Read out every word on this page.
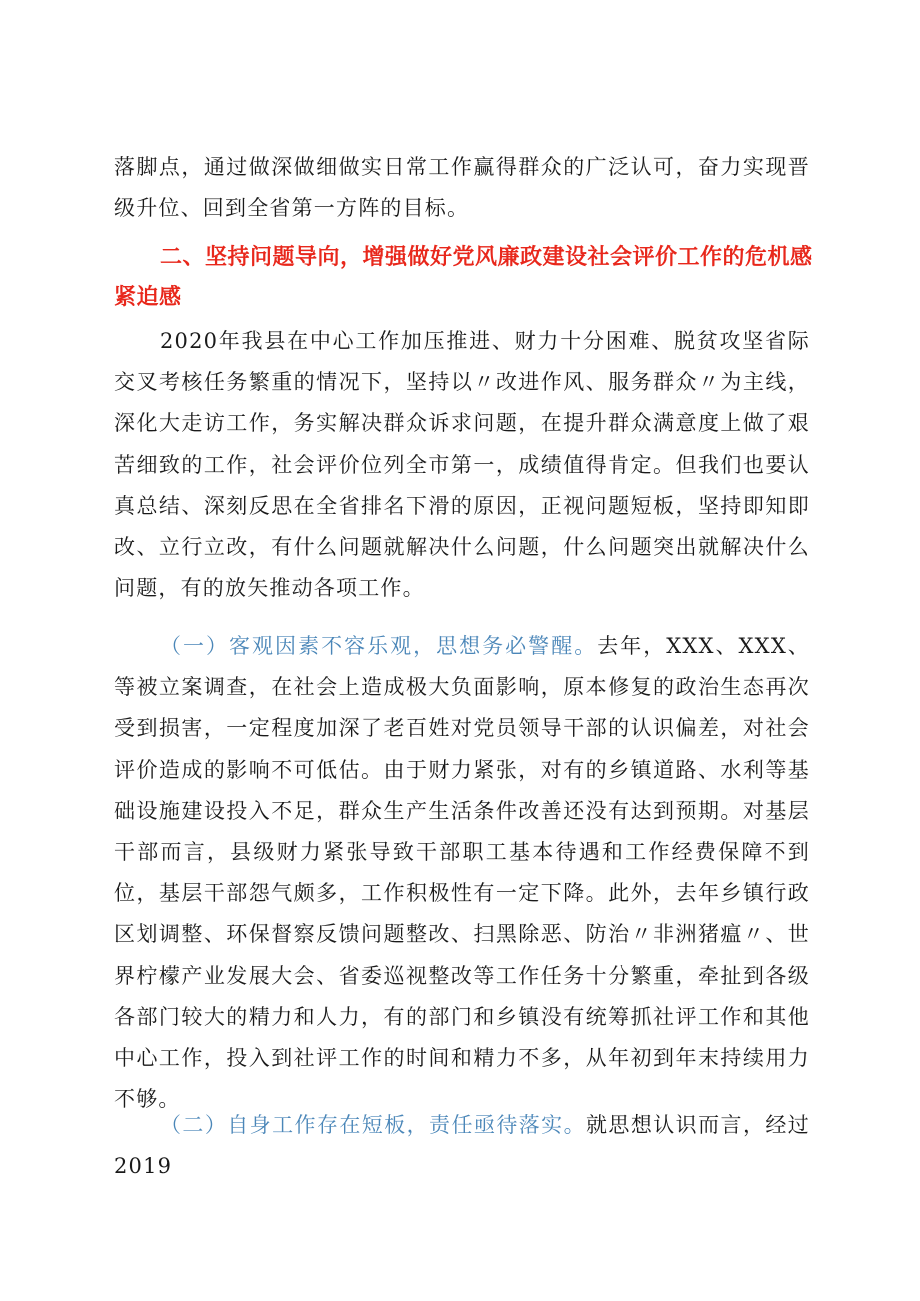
落脚点，通过做深做细做实日常工作赢得群众的广泛认可，奋力实现晋级升位、回到全省第一方阵的目标。

二、坚持问题导向，增强做好党风廉政建设社会评价工作的危机感紧迫感

2020年我县在中心工作加压推进、财力十分困难、脱贫攻坚省际交叉考核任务繁重的情况下，坚持以〃改进作风、服务群众〃为主线，深化大走访工作，务实解决群众诉求问题，在提升群众满意度上做了艰苦细致的工作，社会评价位列全市第一，成绩值得肯定。但我们也要认真总结、深刻反思在全省排名下滑的原因，正视问题短板，坚持即知即改、立行立改，有什么问题就解决什么问题，什么问题突出就解决什么问题，有的放矢推动各项工作。

（一）客观因素不容乐观，思想务必警醒。去年，XXX、XXX、等被立案调查，在社会上造成极大负面影响，原本修复的政治生态再次受到损害，一定程度加深了老百姓对党员领导干部的认识偏差，对社会评价造成的影响不可低估。由于财力紧张，对有的乡镇道路、水利等基础设施建设投入不足，群众生产生活条件改善还没有达到预期。对基层干部而言，县级财力紧张导致干部职工基本待遇和工作经费保障不到位，基层干部怨气颇多，工作积极性有一定下降。此外，去年乡镇行政区划调整、环保督察反馈问题整改、扫黑除恶、防治〃非洲猪瘟〃、世界柠檬产业发展大会、省委巡视整改等工作任务十分繁重，牵扯到各级各部门较大的精力和人力，有的部门和乡镇没有统筹抓社评工作和其他中心工作，投入到社评工作的时间和精力不多，从年初到年末持续用力不够。

（二）自身工作存在短板，责任亟待落实。就思想认识而言，经过2019
